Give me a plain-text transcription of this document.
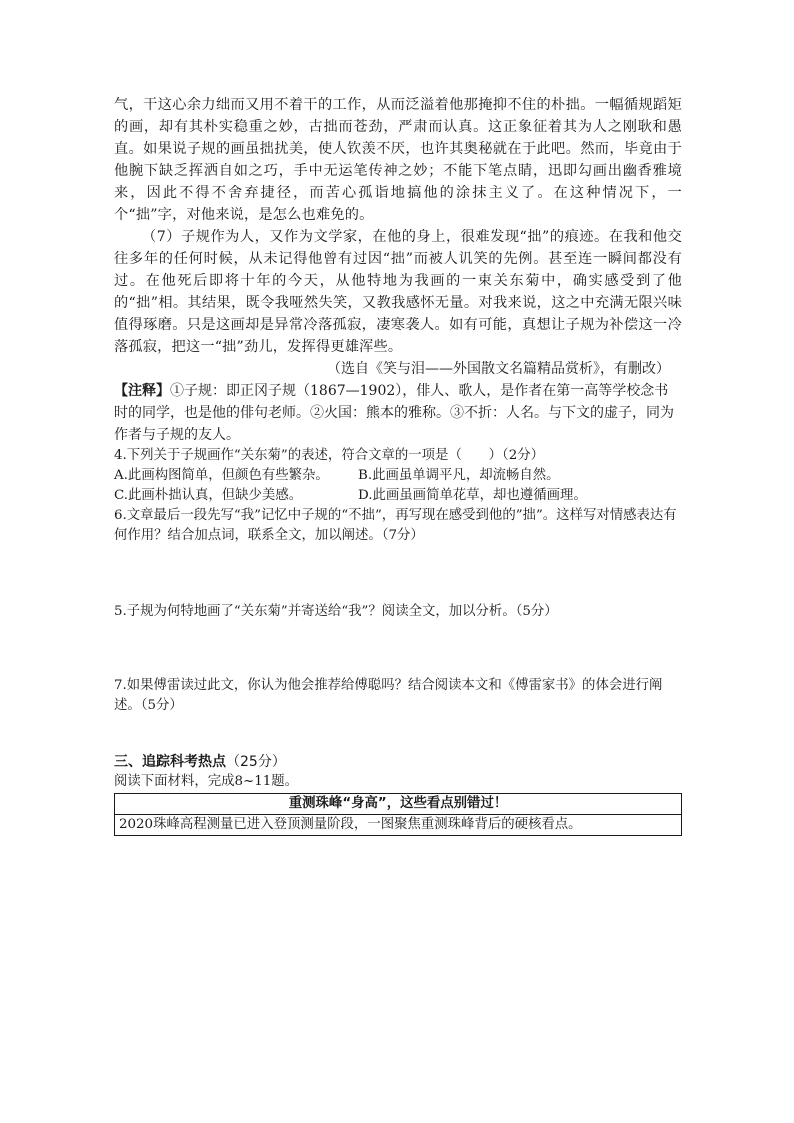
气，干这心余力绌而又用不着干的工作，从而泛溢着他那掩抑不住的朴拙。一幅循规蹈矩的画，却有其朴实稳重之妙，古拙而苍劲，严肃而认真。这正象征着其为人之刚耿和愚直。如果说子规的画虽拙扰美，使人钦羡不厌，也许其奥秘就在于此吧。然而，毕竟由于他腕下缺乏挥洒自如之巧，手中无运笔传神之妙；不能下笔点睛，迅即勾画出幽香雅境来，因此不得不舍弃捷径，而苦心孤诣地搞他的涂抹主义了。在这种情况下，一个“拙”字，对他来说，是怎么也难免的。

（7）子规作为人，又作为文学家，在他的身上，很难发现“拙”的痕迹。在我和他交往多年的任何时候，从未记得他曾有过因“拙”而被人讥笑的先例。甚至连一瞬间都没有过。在他死后即将十年的今天，从他特地为我画的一束关东菊中，确实感受到了他的“拙”相。其结果，既令我哑然失笑，又教我感怀无量。对我来说，这之中充满无限兴味值得琢磨。只是这画却是异常冷落孤寂，凄寒袭人。如有可能，真想让子规为补偿这一冷落孤寂，把这一“拙”劲儿，发挥得更雄浑些。

（选自《笑与泪——外国散文名篇精品赏析》，有删改）

【注释】①子规：即正冈子规（1867—1902），俳人、歌人，是作者在第一高等学校念书时的同学，也是他的俳句老师。②火国：熊本的雅称。③不折：人名。与下文的虚子，同为作者与子规的友人。

4.下列关于子规画作“关东菊”的表述，符合文章的一项是（　　）（2分）

A.此画构图简单，但颜色有些繁杂。	B.此画虽单调平凡，却流畅自然。
C.此画朴拙认真，但缺少美感。	D.此画虽画简单花草，却也遵循画理。

6.文章最后一段先写“我”记忆中子规的“不拙”，再写现在感受到他的”拙”。这样写对情感表达有何作用？结合加点词，联系全文，加以阐述。（7分）

5.子规为何特地画了“关东菊”并寄送给“我”？阅读全文，加以分析。（5分）

7.如果傅雷读过此文，你认为他会推荐给傅聪吗？结合阅读本文和《傅雷家书》的体会进行阐述。（5分）

三、追踪科考热点（25分）

阅读下面材料，完成8~11题。

重测珠峰“身高”，这些看点别错过！
2020珠峰高程测量已进入登顶测量阶段，一图聚焦重测珠峰背后的硬核看点。
